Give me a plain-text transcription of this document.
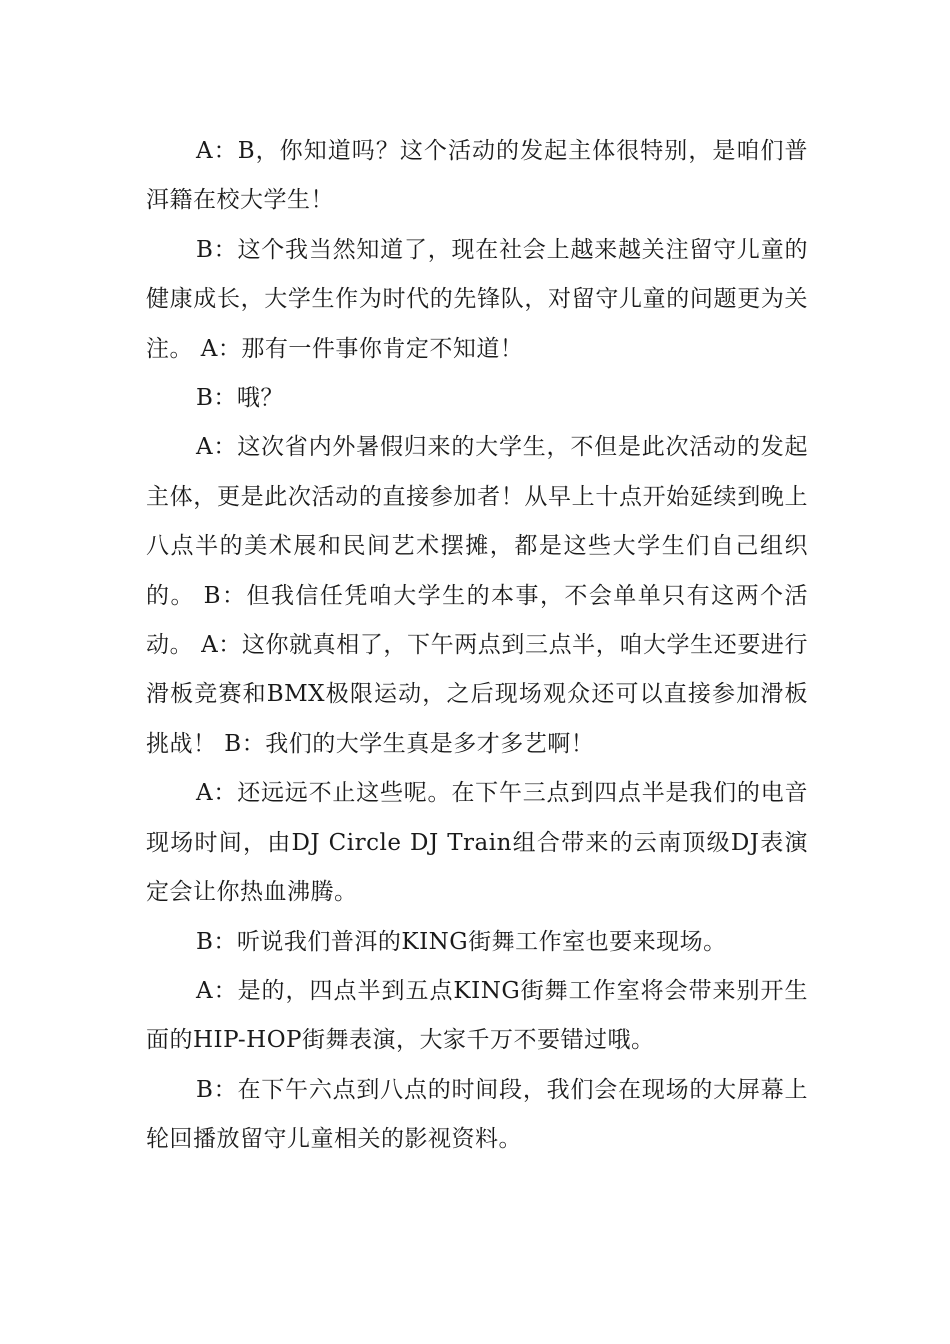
A：B，你知道吗？这个活动的发起主体很特别，是咱们普洱籍在校大学生！

B：这个我当然知道了，现在社会上越来越关注留守儿童的健康成长，大学生作为时代的先锋队，对留守儿童的问题更为关注。 A：那有一件事你肯定不知道！

B：哦？

A：这次省内外暑假归来的大学生，不但是此次活动的发起主体，更是此次活动的直接参加者！从早上十点开始延续到晚上八点半的美术展和民间艺术摆摊，都是这些大学生们自己组织的。 B：但我信任凭咱大学生的本事，不会单单只有这两个活动。 A：这你就真相了，下午两点到三点半，咱大学生还要进行滑板竞赛和BMX极限运动，之后现场观众还可以直接参加滑板挑战！ B：我们的大学生真是多才多艺啊！

A：还远远不止这些呢。在下午三点到四点半是我们的电音现场时间，由DJ Circle DJ Train组合带来的云南顶级DJ表演定会让你热血沸腾。

B：听说我们普洱的KING街舞工作室也要来现场。

A：是的，四点半到五点KING街舞工作室将会带来别开生面的HIP-HOP街舞表演，大家千万不要错过哦。

B：在下午六点到八点的时间段，我们会在现场的大屏幕上轮回播放留守儿童相关的影视资料。
